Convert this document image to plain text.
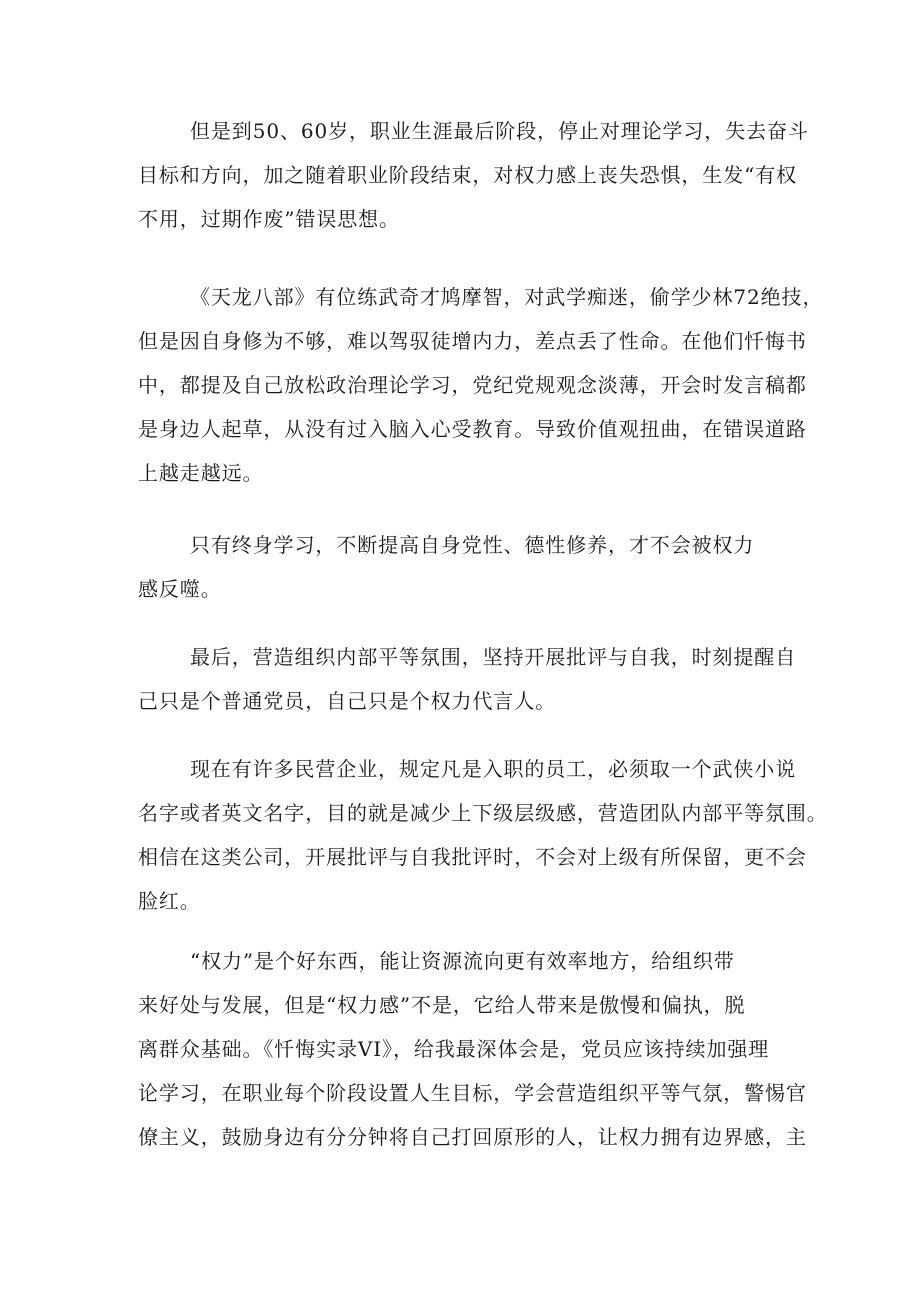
但是到50、60岁，职业生涯最后阶段，停止对理论学习，失去奋斗
目标和方向，加之随着职业阶段结束，对权力感上丧失恐惧，生发“有权
不用，过期作废”错误思想。

《天龙八部》有位练武奇才鸠摩智，对武学痴迷，偷学少林72绝技，
但是因自身修为不够，难以驾驭徒增内力，差点丢了性命。在他们忏悔书
中，都提及自己放松政治理论学习，党纪党规观念淡薄，开会时发言稿都
是身边人起草，从没有过入脑入心受教育。导致价值观扭曲，在错误道路
上越走越远。

只有终身学习，不断提高自身党性、德性修养，才不会被权力
感反噬。

最后，营造组织内部平等氛围，坚持开展批评与自我，时刻提醒自
己只是个普通党员，自己只是个权力代言人。

现在有许多民营企业，规定凡是入职的员工，必须取一个武侠小说
名字或者英文名字，目的就是减少上下级层级感，营造团队内部平等氛围。
相信在这类公司，开展批评与自我批评时，不会对上级有所保留，更不会
脸红。

“权力”是个好东西，能让资源流向更有效率地方，给组织带
来好处与发展，但是“权力感”不是，它给人带来是傲慢和偏执，脱
离群众基础。《忏悔实录VI》，给我最深体会是，党员应该持续加强理
论学习，在职业每个阶段设置人生目标，学会营造组织平等气氛，警惕官
僚主义，鼓励身边有分分钟将自己打回原形的人，让权力拥有边界感，主
